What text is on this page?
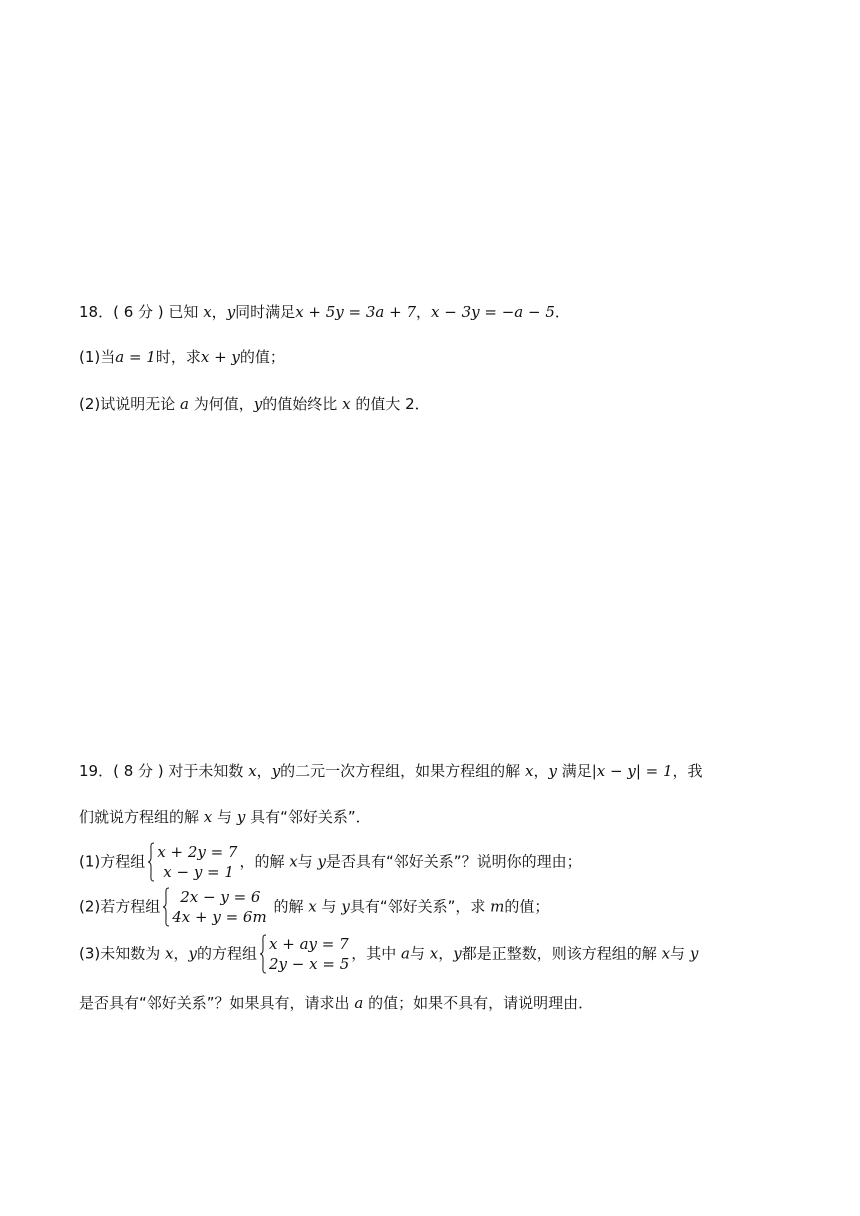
18．( 6 分 ) 已知 x，y同时满足x + 5y = 3a + 7，x − 3y = −a − 5．
(1)当a = 1时，求x + y的值；
(2)试说明无论 a 为何值，y的值始终比 x 的值大 2．
19．( 8 分 ) 对于未知数 x，y的二元一次方程组，如果方程组的解 x，y 满足|x − y| = 1，我
们就说方程组的解 x 与 y 具有“邻好关系”．
(1)方程组
x + 2y = 7
x − y = 1
，的解 x与 y是否具有“邻好关系”？说明你的理由；
(2)若方程组
2x − y = 6
4x + y = 6m
的解 x 与 y具有“邻好关系”，求 m的值；
(3)未知数为 x，y的方程组
x + ay = 7
2y − x = 5
，其中 a与 x，y都是正整数，则该方程组的解 x与 y
是否具有“邻好关系”？如果具有，请求出 a 的值；如果不具有，请说明理由．
